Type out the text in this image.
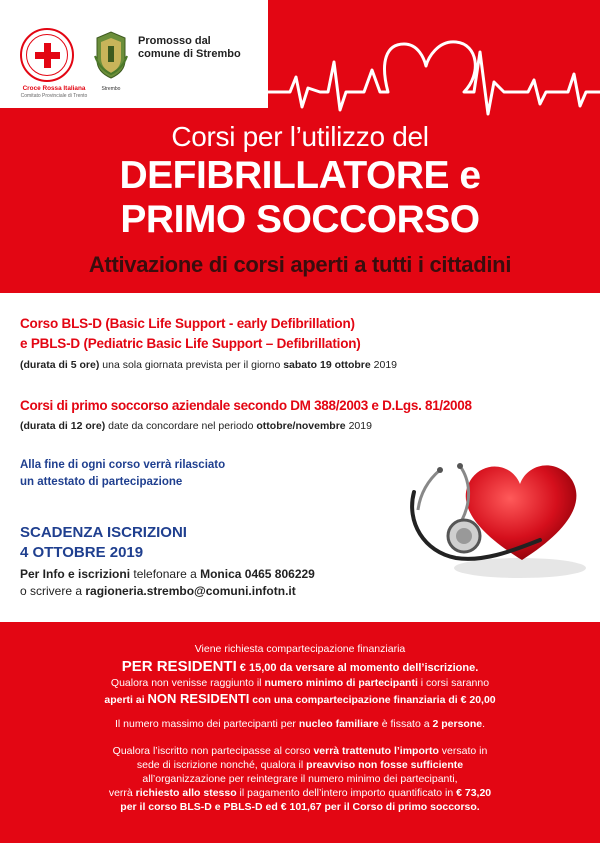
Croce Rossa Italiana
Comitato Provinciale di Trento
Strembo
Promosso dal
comune di Strembo
Corsi per l’utilizzo del
DEFIBRILLATORE e
PRIMO SOCCORSO
Attivazione di corsi aperti a tutti i cittadini
Corso BLS-D (Basic Life Support - early Defibrillation)
e PBLS-D (Pediatric Basic Life Support – Defibrillation)
(durata di 5 ore) una sola giornata prevista per il giorno sabato 19 ottobre 2019
Corsi di primo soccorso aziendale secondo DM 388/2003 e D.Lgs. 81/2008
(durata di 12 ore) date da concordare nel periodo ottobre/novembre 2019
Alla fine di ogni corso verrà rilasciato
un attestato di partecipazione
SCADENZA ISCRIZIONI
4 OTTOBRE 2019
Per Info e iscrizioni telefonare a Monica 0465 806229
o scrivere a ragioneria.strembo@comuni.infotn.it
Viene richiesta compartecipazione finanziaria
PER RESIDENTI € 15,00 da versare al momento dell’iscrizione.
Qualora non venisse raggiunto il numero minimo di partecipanti i corsi saranno
aperti ai NON RESIDENTI con una compartecipazione finanziaria di € 20,00
Il numero massimo dei partecipanti per nucleo familiare è fissato a 2 persone.
Qualora l’iscritto non partecipasse al corso verrà trattenuto l’importo versato in
sede di iscrizione nonché, qualora il preavviso non fosse sufficiente
all’organizzazione per reintegrare il numero minimo dei partecipanti,
verrà richiesto allo stesso il pagamento dell’intero importo quantificato in € 73,20
per il corso BLS-D e PBLS-D ed € 101,67 per il Corso di primo soccorso.
